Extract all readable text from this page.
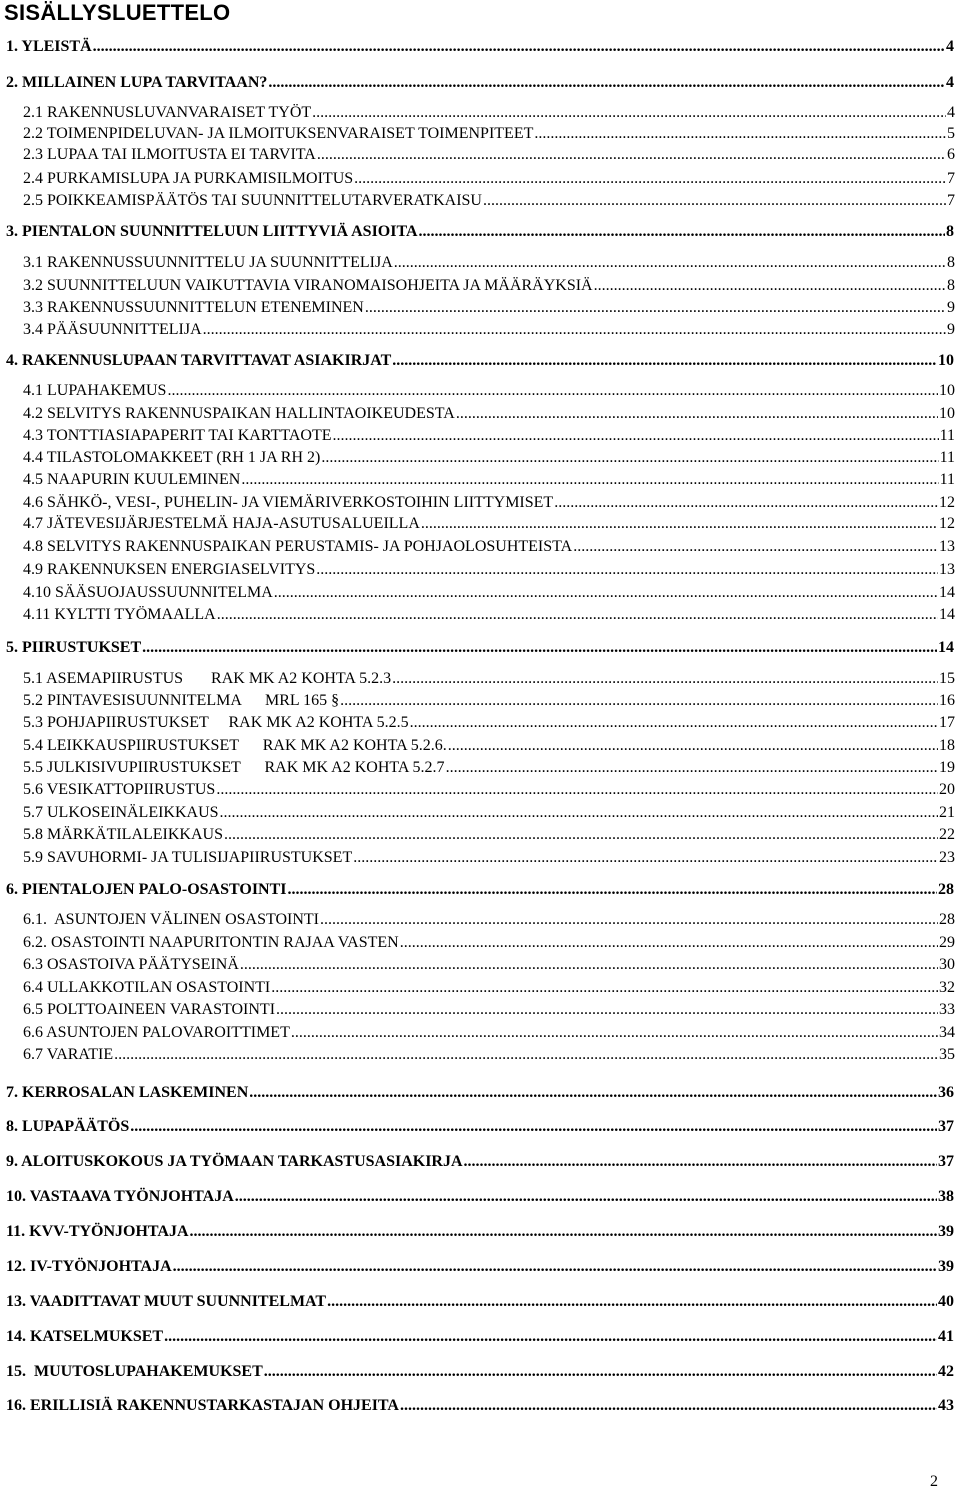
SISÄLLYSLUETTELO
1. YLEISTÄ .....	4
2. MILLAINEN LUPA TARVITAAN? .....	4
2.1 RAKENNUSLUVANVARAISET TYÖT .....	4
2.2 TOIMENPIDELUVAN- JA ILMOITUKSENVARAISET TOIMENPITEET .....	5
2.3 LUPAA TAI ILMOITUSTA EI TARVITA .....	6
2.4 PURKAMISLUPA JA PURKAMISILMOITUS .....	7
2.5 POIKKEAMISPÄÄTÖS TAI SUUNNITTELUTARVERATKAISU .....	7
3. PIENTALON SUUNNITTELUUN LIITTYVIÄ ASIOITA .....	8
3.1 RAKENNUSSUUNNITTELU JA SUUNNITTELIJA .....	8
3.2 SUUNNITTELUUN VAIKUTTAVIA VIRANOMAISOHJEITA JA MÄÄRÄYKSIÄ .....	8
3.3 RAKENNUSSUUNNITTELUN ETENEMINEN .....	9
3.4 PÄÄSUUNNITTELIJA .....	9
4. RAKENNUSLUPAAN TARVITTAVAT ASIAKIRJAT .....	10
4.1 LUPAHAKEMUS .....	10
4.2 SELVITYS RAKENNUSPAIKAN HALLINTAOIKEUDESTA .....	10
4.3 TONTTIASIAPAPERIT TAI KARTTAOTE .....	11
4.4 TILASTOLOMAKKEET (RH 1 JA RH 2) .....	11
4.5 NAAPURIN KUULEMINEN .....	11
4.6 SÄHKÖ-, VESI-, PUHELIN- JA VIEMÄRIVERKOSTOIHIN LIITTYMISET .....	12
4.7 JÄTEVESIJÄRJESTELMÄ HAJA-ASUTUSALUEILLA .....	12
4.8 SELVITYS RAKENNUSPAIKAN PERUSTAMIS- JA POHJAOLOSUHTEISTA .....	13
4.9 RAKENNUKSEN ENERGIASELVITYS .....	13
4.10 SÄÄSUOJAUSSUUNNITELMA .....	14
4.11 KYLTTI TYÖMAALLA .....	14
5. PIIRUSTUKSET .....	14
5.1 ASEMAPIIRUSTUS       RAK MK A2 KOHTA 5.2.3 .....	15
5.2 PINTAVESISUUNNITELMA      MRL 165 § .....	16
5.3 POHJAPIIRUSTUKSET     RAK MK A2 KOHTA 5.2.5 .....	17
5.4 LEIKKAUSPIIRUSTUKSET      RAK MK A2 KOHTA 5.2.6. .....	18
5.5 JULKISIVUPIIRUSTUKSET      RAK MK A2 KOHTA 5.2.7 .....	19
5.6 VESIKATTOPIIRUSTUS .....	20
5.7 ULKOSEINÄLEIKKAUS .....	21
5.8 MÄRKÄTILALEIKKAUS .....	22
5.9 SAVUHORMI- JA TULISIJAPIIRUSTUKSET .....	23
6. PIENTALOJEN PALO-OSASTOINTI .....	28
6.1.  ASUNTOJEN VÄLINEN OSASTOINTI .....	28
6.2. OSASTOINTI NAAPURITONTIN RAJAA VASTEN .....	29
6.3 OSASTOIVA PÄÄTYSEINÄ .....	30
6.4 ULLAKKOTILAN OSASTOINTI .....	32
6.5 POLTTOAINEEN VARASTOINTI .....	33
6.6 ASUNTOJEN PALOVAROITTIMET .....	34
6.7 VARATIE .....	35
7. KERROSALAN LASKEMINEN .....	36
8. LUPAPÄÄTÖS .....	37
9. ALOITUSKOKOUS JA TYÖMAAN TARKASTUSASIAKIRJA .....	37
10. VASTAAVA TYÖNJOHTAJA .....	38
11. KVV-TYÖNJOHTAJA .....	39
12. IV-TYÖNJOHTAJA .....	39
13. VAADITTAVAT MUUT SUUNNITELMAT .....	40
14. KATSELMUKSET .....	41
15.  MUUTOSLUPAHAKEMUKSET .....	42
16. ERILLISIÄ RAKENNUSTARKASTAJAN OHJEITA .....	43
2
